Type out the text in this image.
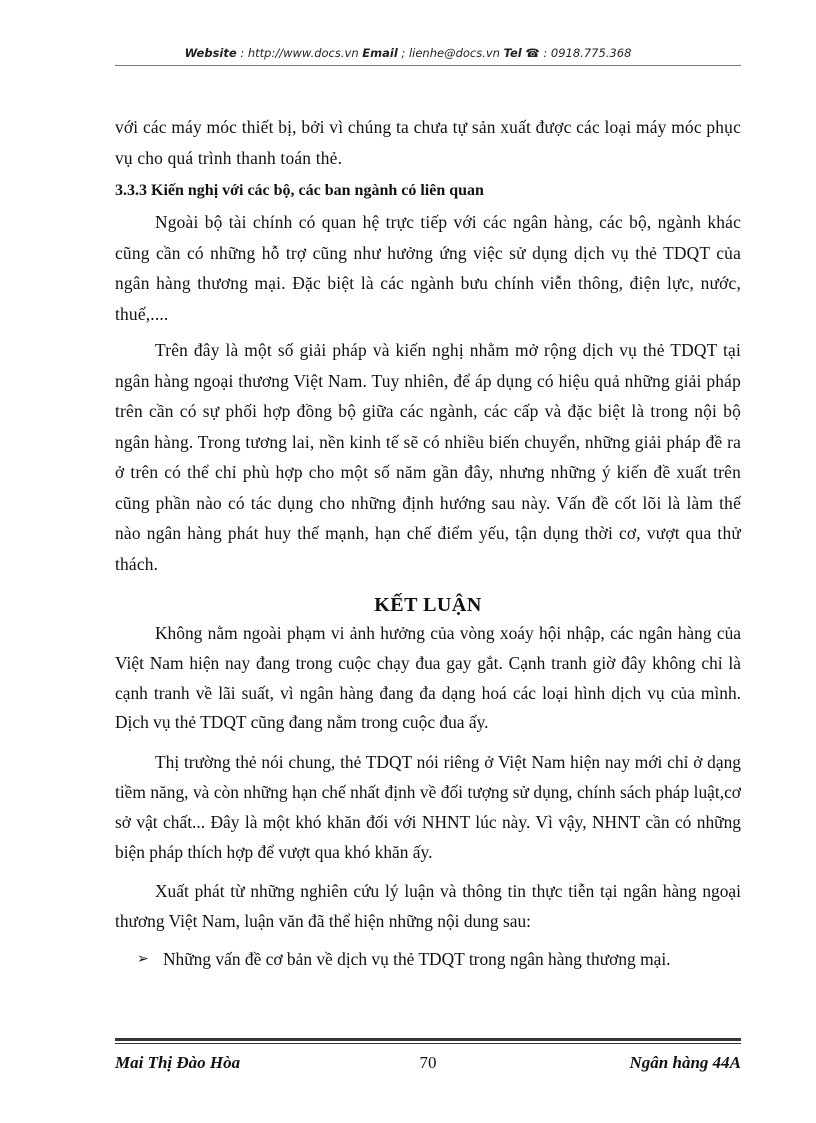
Website : http://www.docs.vn Email ; lienhe@docs.vn Tel ☎ : 0918.775.368

với các máy móc thiết bị, bởi vì chúng ta chưa tự sản xuất được các loại máy móc phục vụ cho quá trình thanh toán thẻ.

3.3.3 Kiến nghị với các bộ, các ban ngành có liên quan

Ngoài bộ tài chính có quan hệ trực tiếp với các ngân hàng, các bộ, ngành khác cũng cần có những hỗ trợ cũng như hưởng ứng việc sử dụng dịch vụ thẻ TDQT của ngân hàng thương mại. Đặc biệt là các ngành bưu chính viễn thông, điện lực, nước, thuế,....

Trên đây là một số giải pháp và kiến nghị nhằm mở rộng dịch vụ thẻ TDQT tại ngân hàng ngoại thương Việt Nam. Tuy nhiên, để áp dụng có hiệu quả những giải pháp trên cần có sự phối hợp đồng bộ giữa các ngành, các cấp và đặc biệt là trong nội bộ ngân hàng. Trong tương lai, nền kinh tế sẽ có nhiều biến chuyển, những giải pháp đề ra ở trên có thể chỉ phù hợp cho một số năm gần đây, nhưng những ý kiến đề xuất trên cũng phần nào có tác dụng cho những định hướng sau này. Vấn đề cốt lõi là làm thế nào ngân hàng phát huy thế mạnh, hạn chế điểm yếu, tận dụng thời cơ, vượt qua thử thách.

KẾT LUẬN

Không nằm ngoài phạm vi ảnh hưởng của vòng xoáy hội nhập, các ngân hàng của Việt Nam hiện nay đang trong cuộc chạy đua gay gắt. Cạnh tranh giờ đây không chỉ là cạnh tranh về lãi suất, vì ngân hàng đang đa dạng hoá các loại hình dịch vụ của mình. Dịch vụ thẻ TDQT cũng đang nằm trong cuộc đua ấy.

Thị trường thẻ nói chung, thẻ TDQT nói riêng ở Việt Nam hiện nay mới chỉ ở dạng tiềm năng, và còn những hạn chế nhất định về đối tượng sử dụng, chính sách pháp luật,cơ sở vật chất... Đây là một khó khăn đối với NHNT lúc này. Vì vậy, NHNT cần có những biện pháp thích hợp để vượt qua khó khăn ấy.

Xuất phát từ những nghiên cứu lý luận và thông tin thực tiễn tại ngân hàng ngoại thương Việt Nam, luận văn đã thể hiện những nội dung sau:

➢ Những vấn đề cơ bản về dịch vụ thẻ TDQT trong ngân hàng thương mại.
Mai Thị Đào Hòa	70	Ngân hàng 44A
